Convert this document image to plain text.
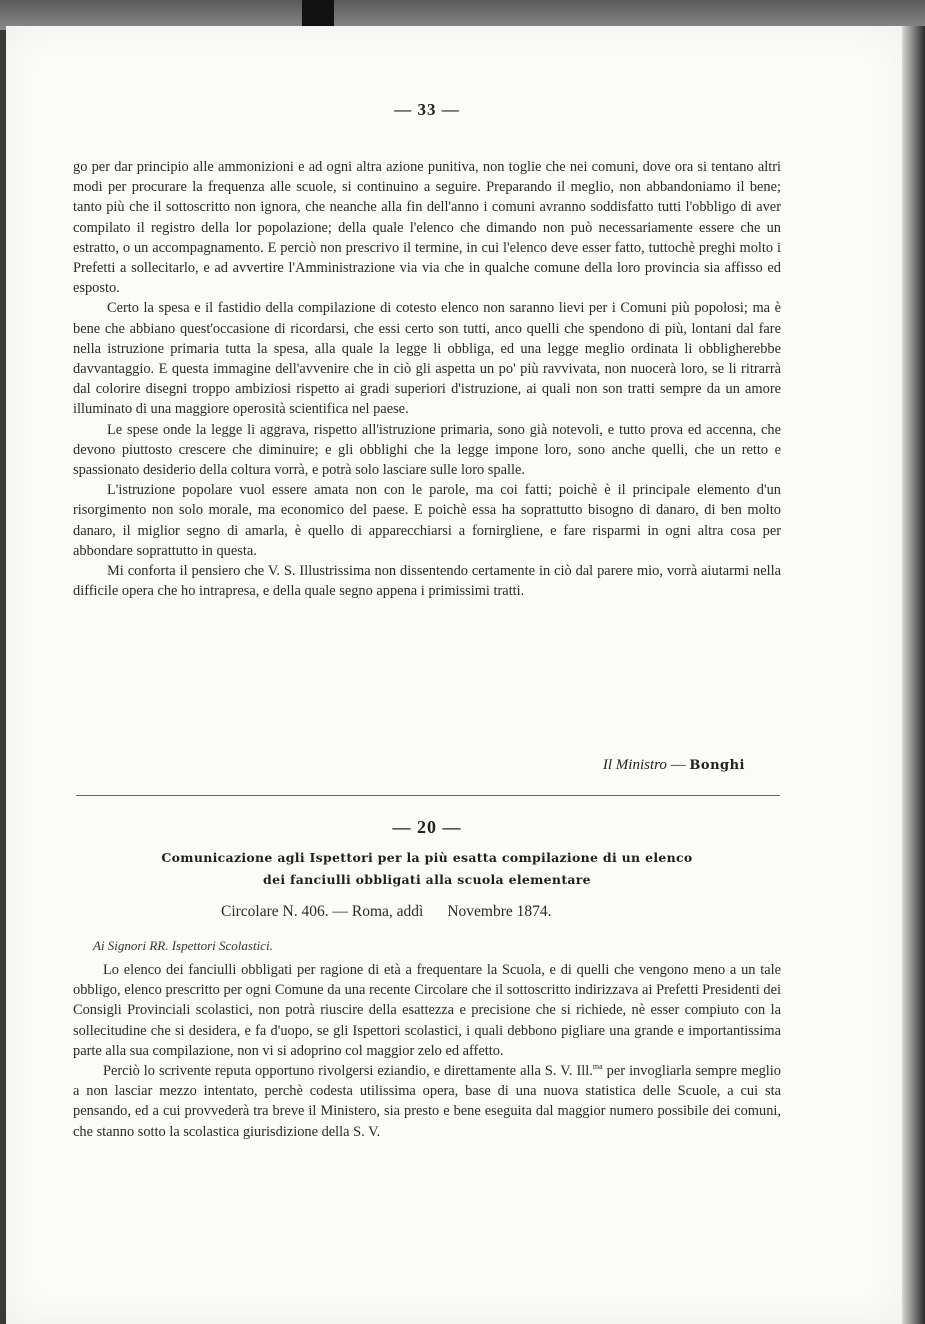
— 33 —

go per dar principio alle ammonizioni e ad ogni altra azione punitiva, non toglie che nei comuni, dove ora si tentano altri modi per procurare la frequenza alle scuole, si continuino a seguire. Preparando il meglio, non abbandoniamo il bene; tanto più che il sottoscritto non ignora, che neanche alla fin dell'anno i comuni avranno soddisfatto tutti l'obbligo di aver compilato il registro della lor popolazione; della quale l'elenco che dimando non può necessariamente essere che un estratto, o un accompagnamento. E perciò non prescrivo il termine, in cui l'elenco deve esser fatto, tuttochè preghi molto i Prefetti a sollecitarlo, e ad avvertire l'Amministrazione via via che in qualche comune della loro provincia sia affisso ed esposto.

Certo la spesa e il fastidio della compilazione di cotesto elenco non saranno lievi per i Comuni più popolosi; ma è bene che abbiano quest'occasione di ricordarsi, che essi certo son tutti, anco quelli che spendono di più, lontani dal fare nella istruzione primaria tutta la spesa, alla quale la legge li obbliga, ed una legge meglio ordinata li obbligherebbe davvantaggio. E questa immagine dell'avvenire che in ciò gli aspetta un po' più ravvivata, non nuocerà loro, se li ritrarrà dal colorire disegni troppo ambiziosi rispetto ai gradi superiori d'istruzione, ai quali non son tratti sempre da un amore illuminato di una maggiore operosità scientifica nel paese.

Le spese onde la legge li aggrava, rispetto all'istruzione primaria, sono già notevoli, e tutto prova ed accenna, che devono piuttosto crescere che diminuire; e gli obblighi che la legge impone loro, sono anche quelli, che un retto e spassionato desiderio della coltura vorrà, e potrà solo lasciare sulle loro spalle.

L'istruzione popolare vuol essere amata non con le parole, ma coi fatti; poichè è il principale elemento d'un risorgimento non solo morale, ma economico del paese. E poichè essa ha soprattutto bisogno di danaro, di ben molto danaro, il miglior segno di amarla, è quello di apparecchiarsi a fornirgliene, e fare risparmi in ogni altra cosa per abbondare soprattutto in questa.

Mi conforta il pensiero che V. S. Illustrissima non dissentendo certamente in ciò dal parere mio, vorrà aiutarmi nella difficile opera che ho intrapresa, e della quale segno appena i primissimi tratti.

Il Ministro — Bonghi
— 20 —
Comunicazione agli Ispettori per la più esatta compilazione di un elenco
dei fanciulli obbligati alla scuola elementare
Circolare N. 406. — Roma, addì Novembre 1874.
Ai Signori RR. Ispettori Scolastici.

Lo elenco dei fanciulli obbligati per ragione di età a frequentare la Scuola, e di quelli che vengono meno a un tale obbligo, elenco prescritto per ogni Comune da una recente Circolare che il sottoscritto indirizzava ai Prefetti Presidenti dei Consigli Provinciali scolastici, non potrà riuscire della esattezza e precisione che si richiede, nè esser compiuto con la sollecitudine che si desidera, e fa d'uopo, se gli Ispettori scolastici, i quali debbono pigliare una grande e importantissima parte alla sua compilazione, non vi si adoprino col maggior zelo ed affetto.

Perciò lo scrivente reputa opportuno rivolgersi eziandio, e direttamente alla S. V. Ill.$^{ma}$ per invogliarla sempre meglio a non lasciar mezzo intentato, perchè codesta utilissima opera, base di una nuova statistica delle Scuole, a cui sta pensando, ed a cui provvederà tra breve il Ministero, sia presto e bene eseguita dal maggior numero possibile dei comuni, che stanno sotto la scolastica giurisdizione della S. V.
